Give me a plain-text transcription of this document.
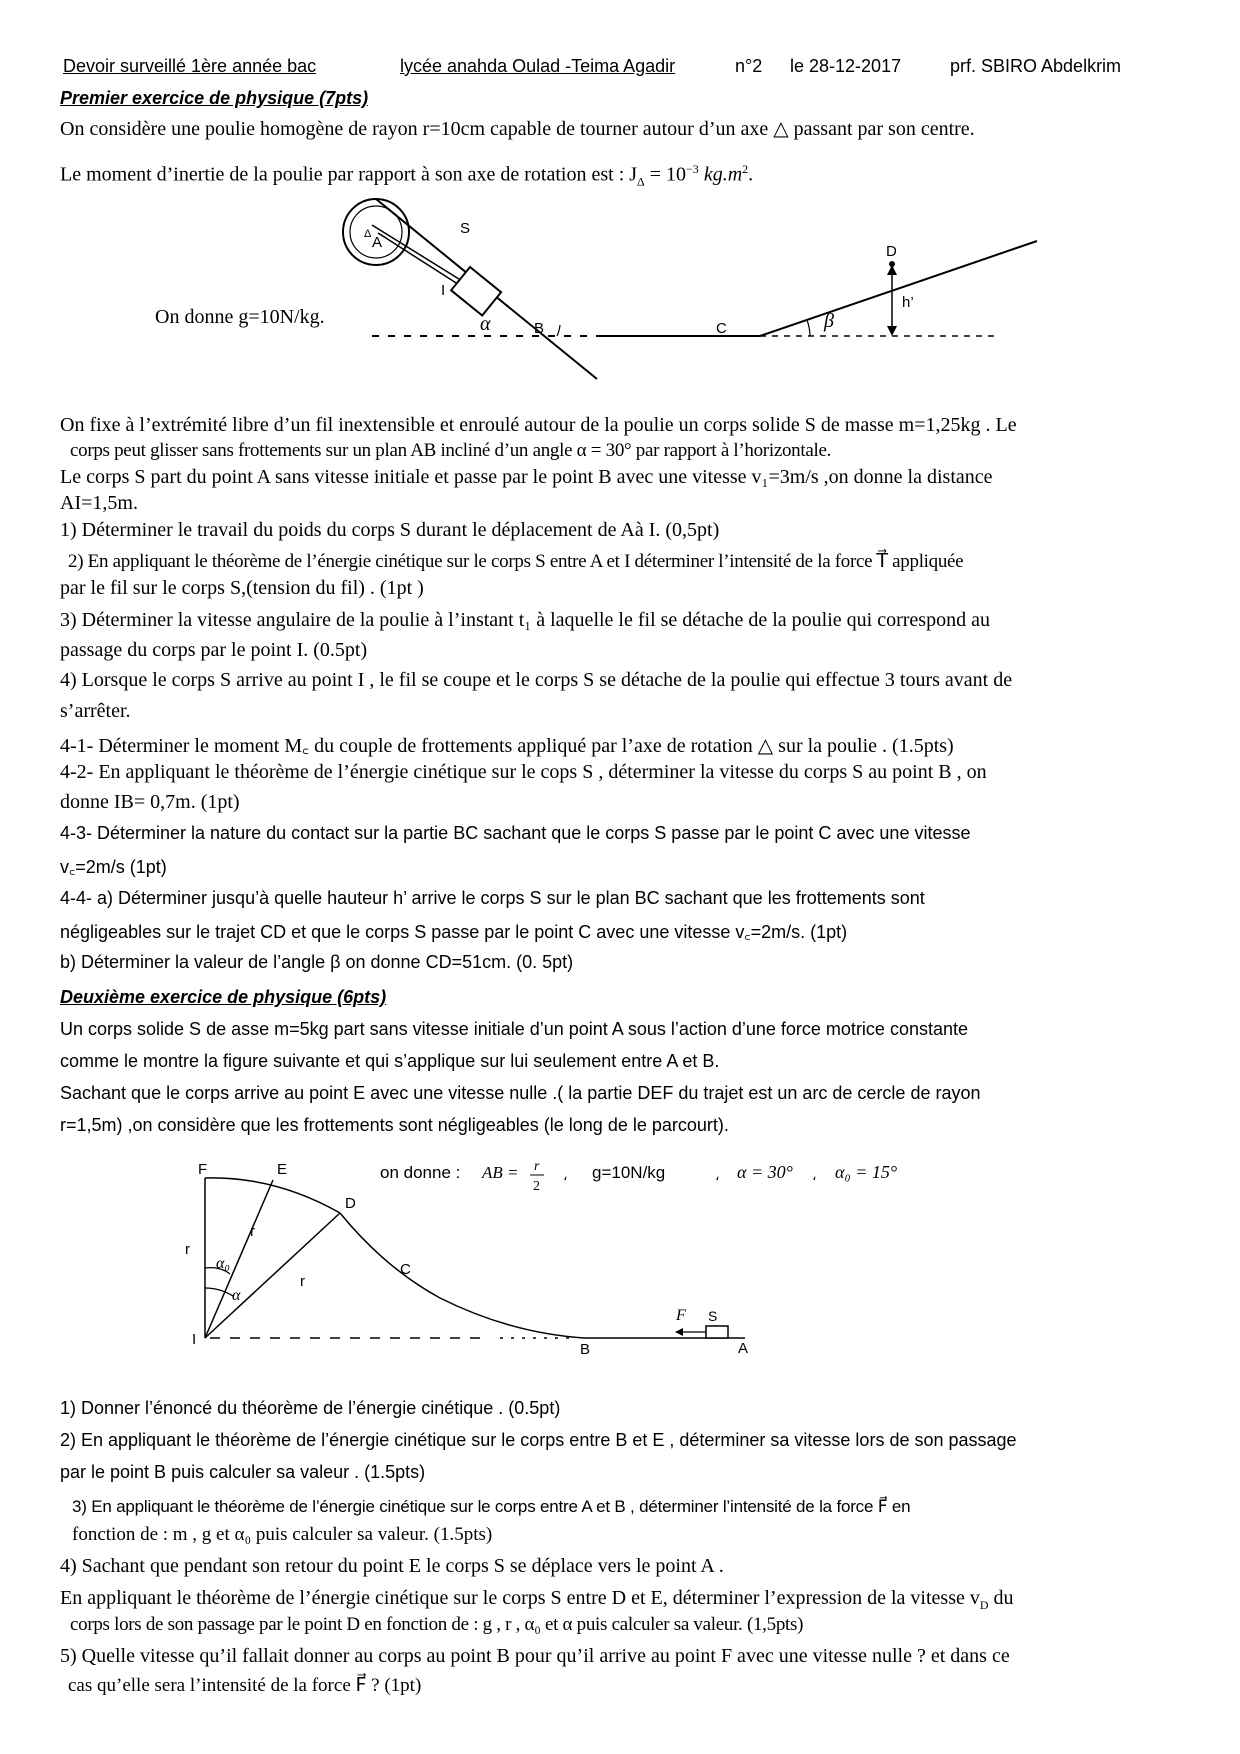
Devoir surveillé 1ère année bac	lycée anahda Oulad -Teima Agadir	n°2 le 28-12-2017	prf. SBIRO Abdelkrim
Premier exercice de physique (7pts)
On considère une poulie homogène de rayon r=10cm capable de tourner autour d’un axe △ passant par son centre.
Le moment d’inertie de la poulie par rapport à son axe de rotation est : $J_\Delta = 10^{-3}$ $kg.m^2$.
Δ	S
A
I
On donne g=10N/kg.	α	B	C	β
D
h’
On fixe à l’extrémité libre d’un fil inextensible et enroulé autour de la poulie un corps solide S de masse m=1,25kg . Le
corps peut glisser sans frottements sur un plan AB incliné d’un angle α = 30° par rapport à l’horizontale.
Le corps S part du point A sans vitesse initiale et passe par le point B avec une vitesse v₁=3m/s ,on donne la distance
AI=1,5m.
1) Déterminer le travail du poids du corps S durant le déplacement de Aà I. (0,5pt)
2) En appliquant le théorème de l’énergie cinétique sur le corps S entre A et I déterminer l’intensité de la force T⃗ appliquée
par le fil sur le corps S,(tension du fil) . (1pt )
3) Déterminer la vitesse angulaire de la poulie à l’instant t₁ à laquelle le fil se détache de la poulie qui correspond au
passage du corps par le point I. (0.5pt)
4) Lorsque le corps S arrive au point I , le fil se coupe et le corps S se détache de la poulie qui effectue 3 tours avant de
s’arrêter.
4-1- Déterminer le moment M꜀ du couple de frottements appliqué par l’axe de rotation △ sur la poulie . (1.5pts)
4-2- En appliquant le théorème de l’énergie cinétique sur le cops S , déterminer la vitesse du corps S au point B , on
donne IB= 0,7m. (1pt)
4-3- Déterminer la nature du contact sur la partie BC sachant que le corps S passe par le point C avec une vitesse
v꜀=2m/s (1pt)
4-4- a) Déterminer jusqu’à quelle hauteur h’ arrive le corps S sur le plan BC sachant que les frottements sont
négligeables sur le trajet CD et que le corps S passe par le point C avec une vitesse v꜀=2m/s. (1pt)
b) Déterminer la valeur de l’angle β on donne CD=51cm. (0. 5pt)
Deuxième exercice de physique (6pts)
Un corps solide S de asse m=5kg part sans vitesse initiale d’un point A sous l’action d’une force motrice constante
comme le montre la figure suivante et qui s’applique sur lui seulement entre A et B.
Sachant que le corps arrive au point E avec une vitesse nulle .( la partie DEF du trajet est un arc de cercle de rayon
r=1,5m) ,on considère que les frottements sont négligeables (le long de le parcourt).
F	E
D
C
r
r
r
α₀
α
I
B	A
S
F⃗
on donne : AB = r
2
، g=10N/kg	، α = 30° ، α₀ = 15°
1) Donner l’énoncé du théorème de l’énergie cinétique . (0.5pt)
2) En appliquant le théorème de l’énergie cinétique sur le corps entre B et E , déterminer sa vitesse lors de son passage
par le point B puis calculer sa valeur . (1.5pts)
3) En appliquant le théorème de l’énergie cinétique sur le corps entre A et B , déterminer l’intensité de la force F⃗ en
fonction de : m , g et α₀ puis calculer sa valeur. (1.5pts)
4) Sachant que pendant son retour du point E le corps S se déplace vers le point A .
En appliquant le théorème de l’énergie cinétique sur le corps S entre D et E, déterminer l’expression de la vitesse $v_D$ du
corps lors de son passage par le point D en fonction de : g , r , α₀ et α puis calculer sa valeur. (1,5pts)
5) Quelle vitesse qu’il fallait donner au corps au point B pour qu’il arrive au point F avec une vitesse nulle ? et dans ce
cas qu’elle sera l’intensité de la force F⃗ ? (1pt)
